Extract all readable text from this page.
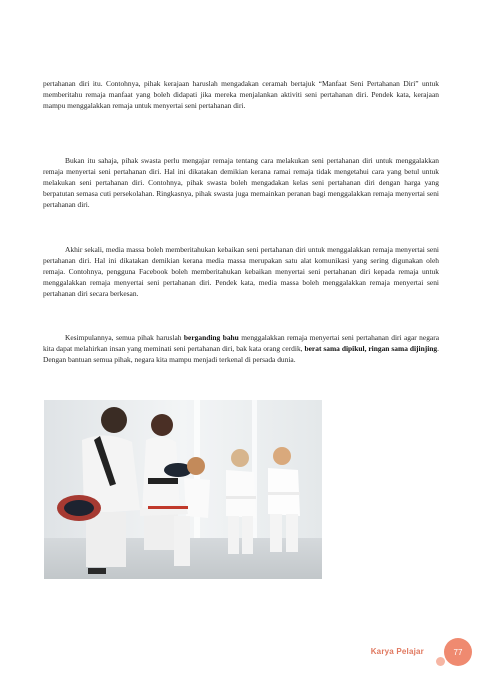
pertahanan diri itu. Contohnya, pihak kerajaan haruslah mengadakan ceramah bertajuk “Manfaat Seni Pertahanan Diri” untuk memberitahu remaja manfaat yang boleh didapati jika mereka menjalankan aktiviti seni pertahanan diri. Pendek kata, kerajaan mampu menggalakkan remaja untuk menyertai seni pertahanan diri.

Bukan itu sahaja, pihak swasta perlu mengajar remaja tentang cara melakukan seni pertahanan diri untuk menggalakkan remaja menyertai seni pertahanan diri. Hal ini dikatakan demikian kerana ramai remaja tidak mengetahui cara yang betul untuk melakukan seni pertahanan diri. Contohnya, pihak swasta boleh mengadakan kelas seni pertahanan diri dengan harga yang berpatutan semasa cuti persekolahan. Ringkasnya, pihak swasta juga memainkan peranan bagi menggalakkan remaja menyertai seni pertahanan diri.

Akhir sekali, media massa boleh memberitahukan kebaikan seni pertahanan diri untuk menggalakkan remaja menyertai seni pertahanan diri. Hal ini dikatakan demikian kerana media massa merupakan satu alat komunikasi yang sering digunakan oleh remaja. Contohnya, pengguna Facebook boleh memberitahukan kebaikan menyertai seni pertahanan diri kepada remaja untuk menggalakkan remaja menyertai seni pertahanan diri. Pendek kata, media massa boleh menggalakkan remaja menyertai seni pertahanan diri secara berkesan.

Kesimpulannya, semua pihak haruslah berganding bahu menggalakkan remaja menyertai seni pertahanan diri agar negara kita dapat melahirkan insan yang meminati seni pertahanan diri, bak kata orang cerdik, berat sama dipikul, ringan sama dijinjing. Dengan bantuan semua pihak, negara kita mampu menjadi terkenal di persada dunia.

Karya Pelajar	77
